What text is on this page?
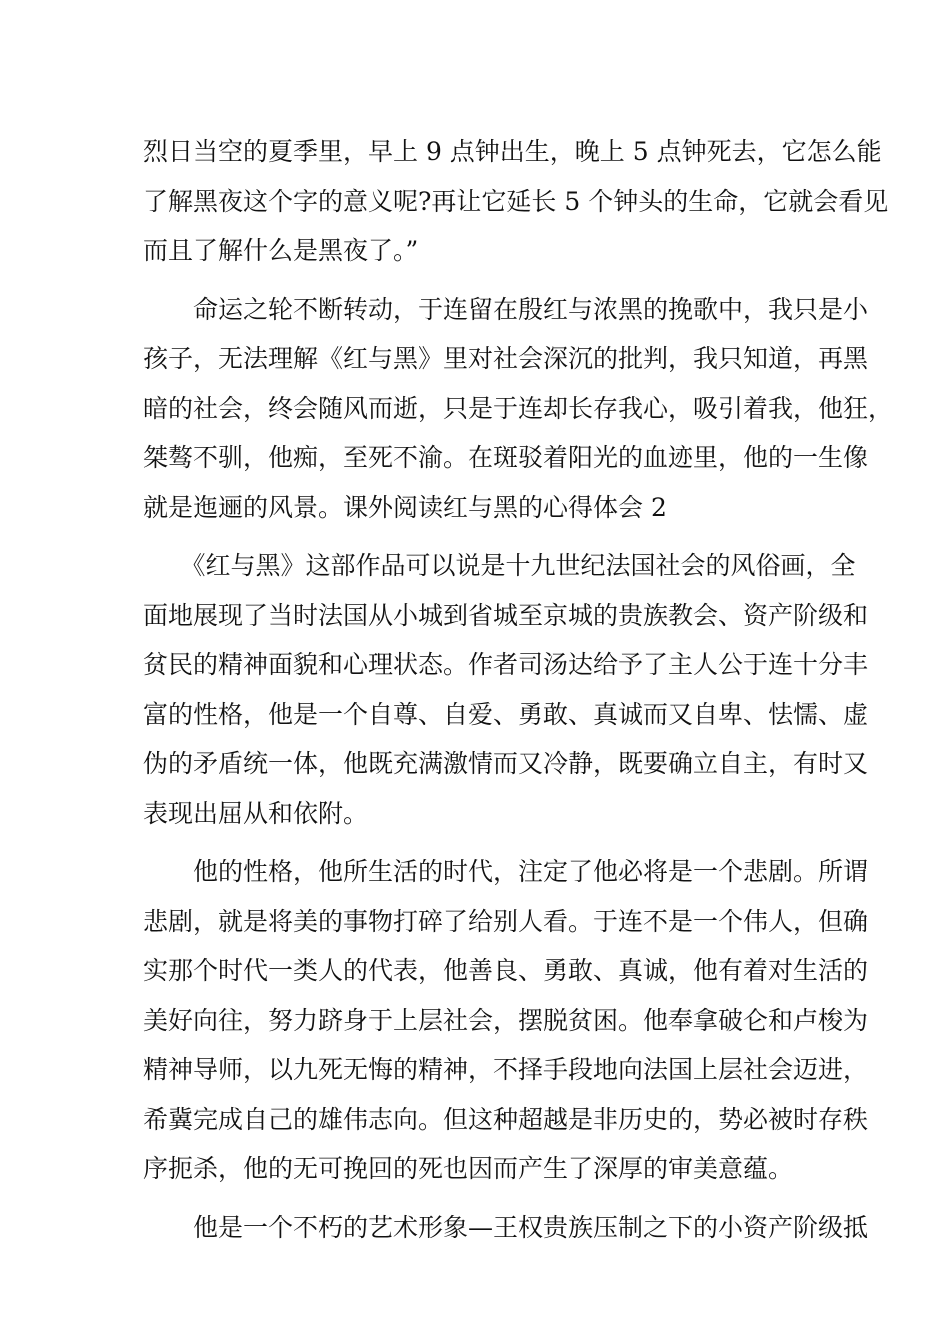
烈日当空的夏季里，早上 9 点钟出生，晚上 5 点钟死去，它怎么能
了解黑夜这个字的意义呢?再让它延长 5 个钟头的生命，它就会看见
而且了解什么是黑夜了。”
　　命运之轮不断转动，于连留在殷红与浓黑的挽歌中，我只是小
孩子，无法理解《红与黑》里对社会深沉的批判，我只知道，再黑
暗的社会，终会随风而逝，只是于连却长存我心，吸引着我，他狂，
桀骜不驯，他痴，至死不渝。在斑驳着阳光的血迹里，他的一生像
就是迤逦的风景。课外阅读红与黑的心得体会 2
　　《红与黑》这部作品可以说是十九世纪法国社会的风俗画，全
面地展现了当时法国从小城到省城至京城的贵族教会、资产阶级和
贫民的精神面貌和心理状态。作者司汤达给予了主人公于连十分丰
富的性格，他是一个自尊、自爱、勇敢、真诚而又自卑、怯懦、虚
伪的矛盾统一体，他既充满激情而又冷静，既要确立自主，有时又
表现出屈从和依附。
　　他的性格，他所生活的时代，注定了他必将是一个悲剧。所谓
悲剧，就是将美的事物打碎了给别人看。于连不是一个伟人，但确
实那个时代一类人的代表，他善良、勇敢、真诚，他有着对生活的
美好向往，努力跻身于上层社会，摆脱贫困。他奉拿破仑和卢梭为
精神导师，以九死无悔的精神，不择手段地向法国上层社会迈进，
希冀完成自己的雄伟志向。但这种超越是非历史的，势必被时存秩
序扼杀，他的无可挽回的死也因而产生了深厚的审美意蕴。
　　他是一个不朽的艺术形象—王权贵族压制之下的小资产阶级抵
